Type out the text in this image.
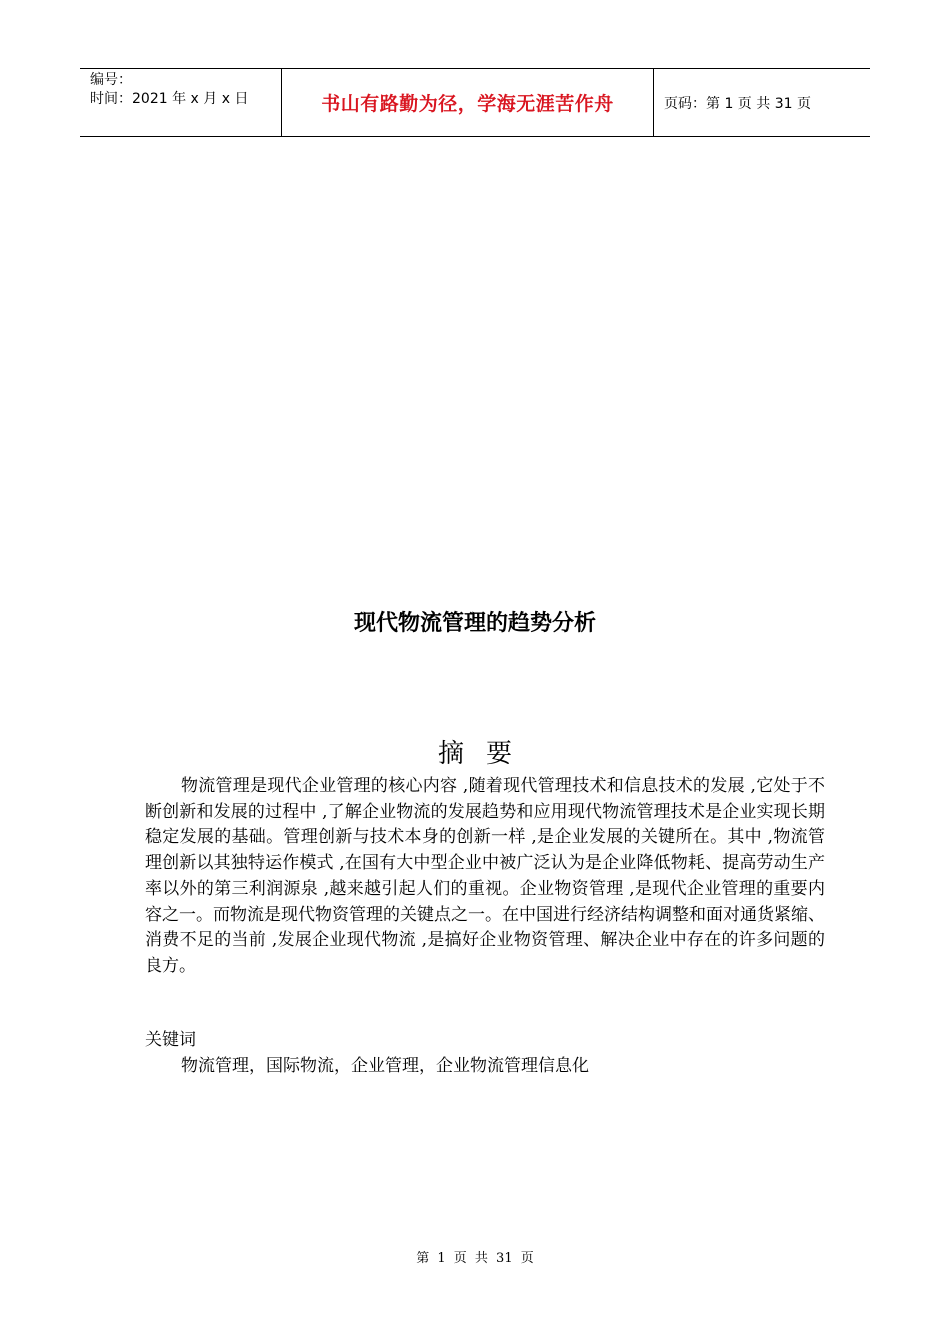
编号：
时间：2021 年 x 月 x 日	书山有路勤为径，学海无涯苦作舟	页码：第 1 页 共 31 页
现代物流管理的趋势分析
摘要
物流管理是现代企业管理的核心内容 ,随着现代管理技术和信息技术的发展 ,它处于不断创新和发展的过程中 ,了解企业物流的发展趋势和应用现代物流管理技术是企业实现长期稳定发展的基础。管理创新与技术本身的创新一样 ,是企业发展的关键所在。其中 ,物流管理创新以其独特运作模式 ,在国有大中型企业中被广泛认为是企业降低物耗、提高劳动生产率以外的第三利润源泉 ,越来越引起人们的重视。企业物资管理 ,是现代企业管理的重要内容之一。而物流是现代物资管理的关键点之一。在中国进行经济结构调整和面对通货紧缩、消费不足的当前 ,发展企业现代物流 ,是搞好企业物资管理、解决企业中存在的许多问题的良方。
关键词
物流管理，国际物流，企业管理，企业物流管理信息化
第 1 页 共 31 页
